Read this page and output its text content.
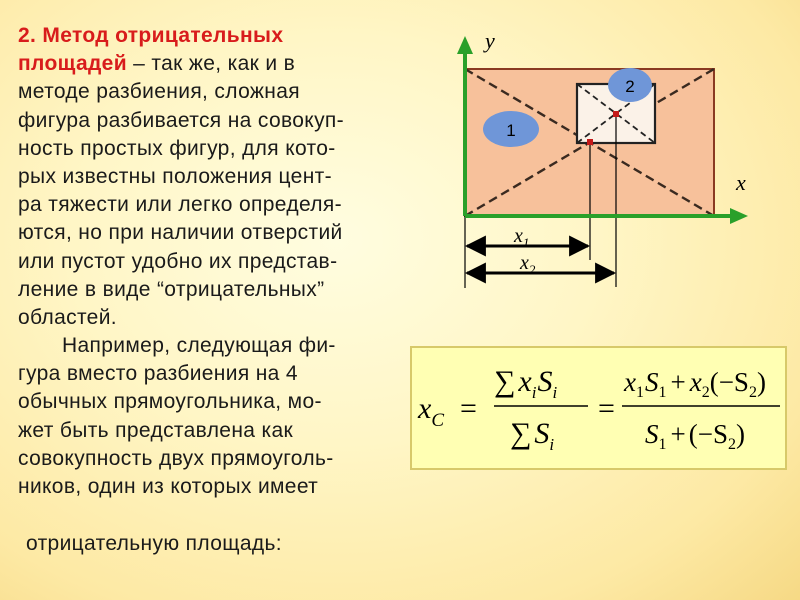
2. Метод отрицательных
площадей – так же, как и в
методе разбиения, сложная
фигура разбивается на совокуп-
ность простых фигур, для кото-
рых известны положения цент-
ра тяжести или легко определя-
ются, но при наличии отверстий
или пустот удобно их представ-
ление в виде “отрицательных”
областей.
Например, следующая фи-
гура вместо разбиения на 4
обычных прямоугольника, мо-
жет быть представлена как
совокупность двух прямоуголь-
ников, один из которых имеет
отрицательную площадь:
1
2
$x_1$
$x_2$
y
x
$x_C$ =
∑ $x_iS_i$
∑ $S_i$
=
$x_1S_1 + x_2(-S_2)$
$S_1 + (-S_2)$
